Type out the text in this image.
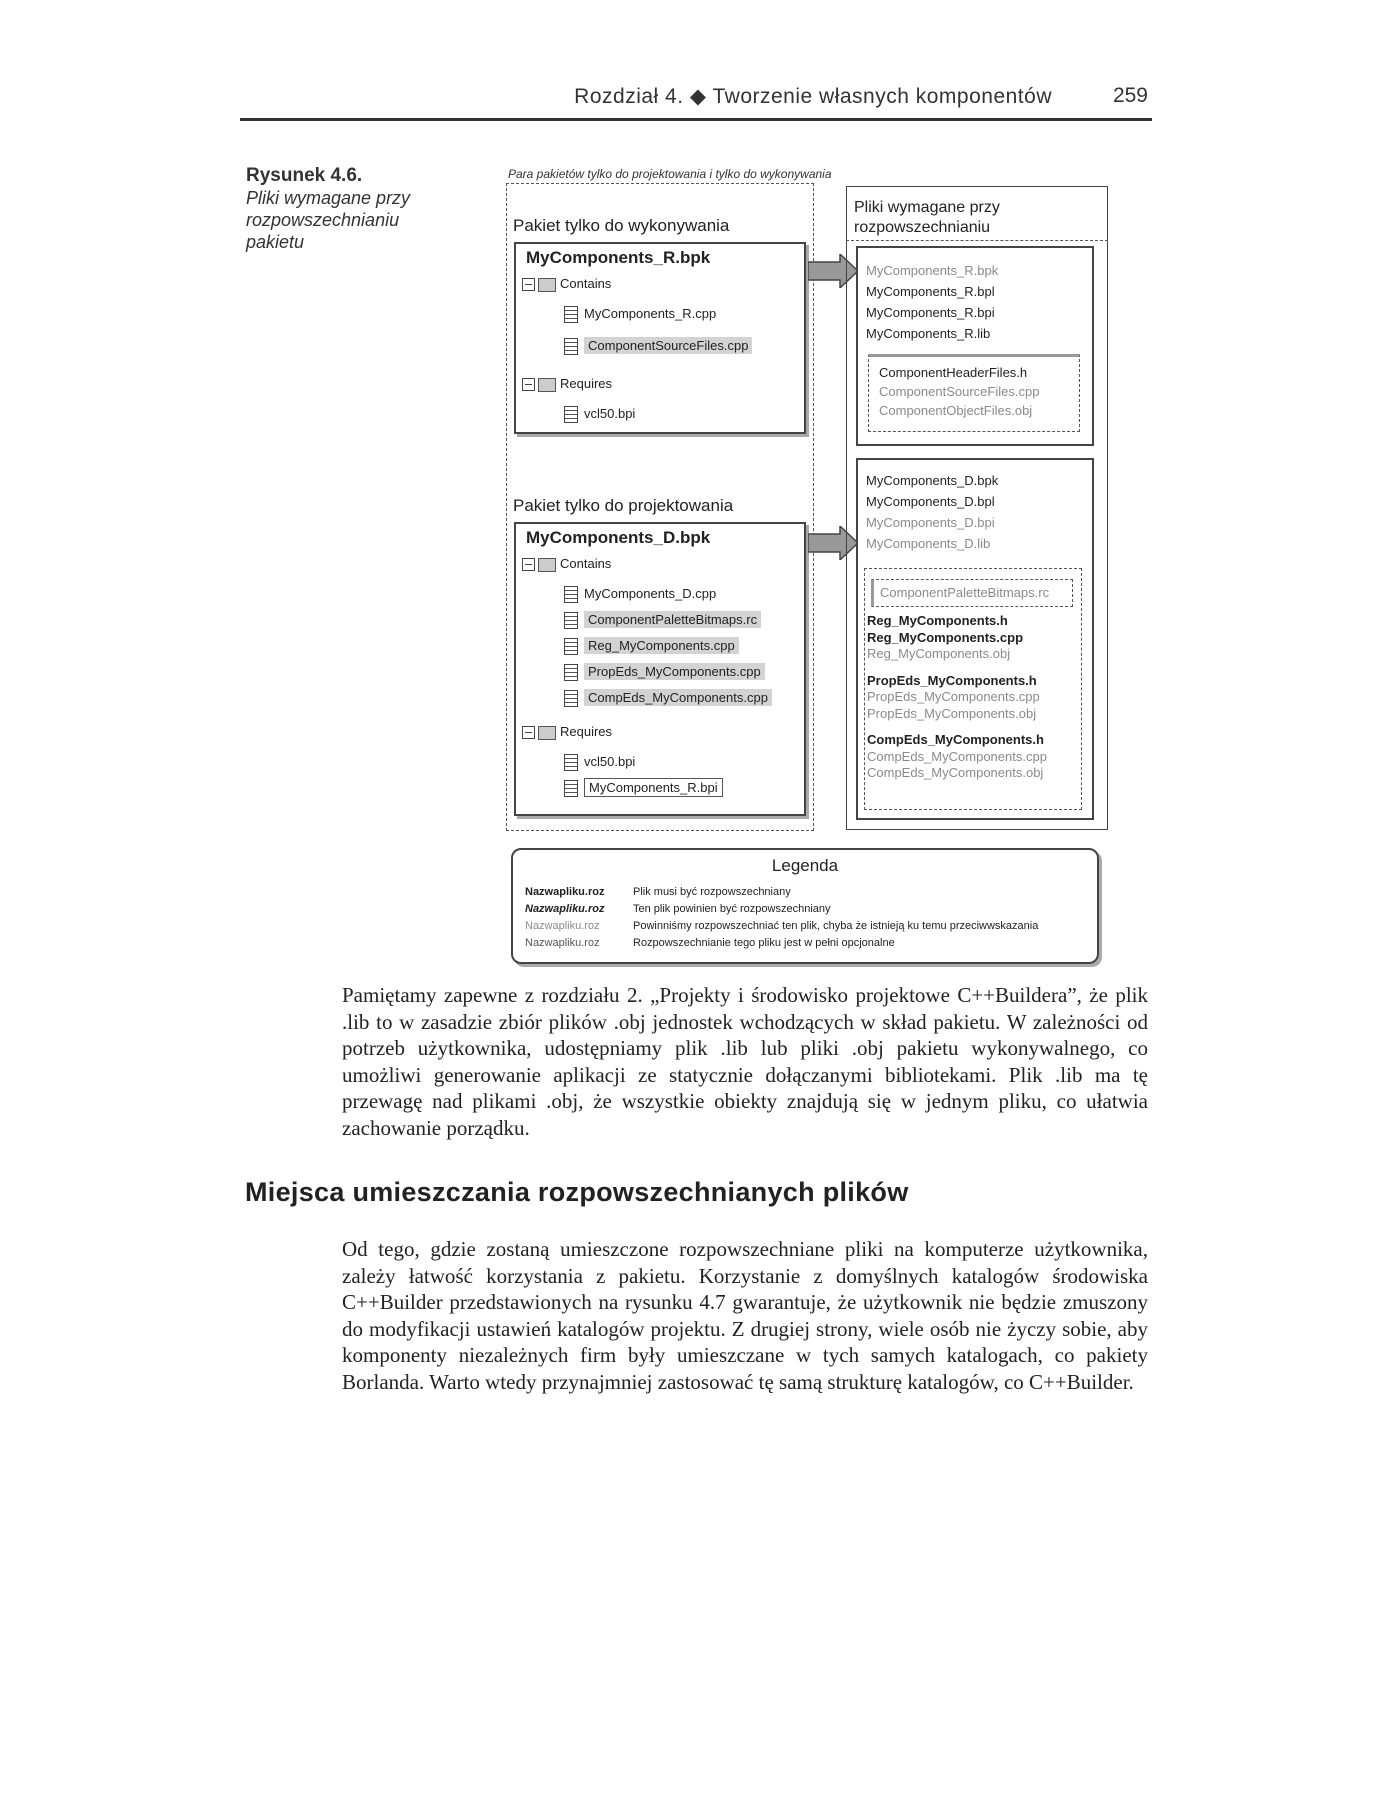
Rozdział 4. ◆ Tworzenie własnych komponentów	259
Rysunek 4.6.
Pliki wymagane przy rozpowszechnianiu pakietu
Para pakietów tylko do projektowania i tylko do wykonywania
Pakiet tylko do wykonywania
MyComponents_R.bpk
Contains
MyComponents_R.cpp
ComponentSourceFiles.cpp
Requires
vcl50.bpi
Pakiet tylko do projektowania
MyComponents_D.bpk
Contains
MyComponents_D.cpp
ComponentPaletteBitmaps.rc
Reg_MyComponents.cpp
PropEds_MyComponents.cpp
CompEds_MyComponents.cpp
Requires
vcl50.bpi
MyComponents_R.bpi
Pliki wymagane przy rozpowszechnianiu
MyComponents_R.bpk
MyComponents_R.bpl
MyComponents_R.bpi
MyComponents_R.lib
ComponentHeaderFiles.h
ComponentSourceFiles.cpp
ComponentObjectFiles.obj
MyComponents_D.bpk
MyComponents_D.bpl
MyComponents_D.bpi
MyComponents_D.lib
ComponentPaletteBitmaps.rc
Reg_MyComponents.h
Reg_MyComponents.cpp
Reg_MyComponents.obj
PropEds_MyComponents.h
PropEds_MyComponents.cpp
PropEds_MyComponents.obj
CompEds_MyComponents.h
CompEds_MyComponents.cpp
CompEds_MyComponents.obj
Legenda
Nazwapliku.roz	Plik musi być rozpowszechniany
Nazwapliku.roz	Ten plik powinien być rozpowszechniany
Nazwapliku.roz	Powinniśmy rozpowszechniać ten plik, chyba że istnieją ku temu przeciwwskazania
Nazwapliku.roz	Rozpowszechnianie tego pliku jest w pełni opcjonalne
Pamiętamy zapewne z rozdziału 2. „Projekty i środowisko projektowe C++Buildera”, że plik .lib to w zasadzie zbiór plików .obj jednostek wchodzących w skład pakietu. W zależności od potrzeb użytkownika, udostępniamy plik .lib lub pliki .obj pakietu wykonywalnego, co umożliwi generowanie aplikacji ze statycznie dołączanymi bibliotekami. Plik .lib ma tę przewagę nad plikami .obj, że wszystkie obiekty znajdują się w jednym pliku, co ułatwia zachowanie porządku.
Miejsca umieszczania rozpowszechnianych plików
Od tego, gdzie zostaną umieszczone rozpowszechniane pliki na komputerze użytkownika, zależy łatwość korzystania z pakietu. Korzystanie z domyślnych katalogów środowiska C++Builder przedstawionych na rysunku 4.7 gwarantuje, że użytkownik nie będzie zmuszony do modyfikacji ustawień katalogów projektu. Z drugiej strony, wiele osób nie życzy sobie, aby komponenty niezależnych firm były umieszczane w tych samych katalogach, co pakiety Borlanda. Warto wtedy przynajmniej zastosować tę samą strukturę katalogów, co C++Builder.
